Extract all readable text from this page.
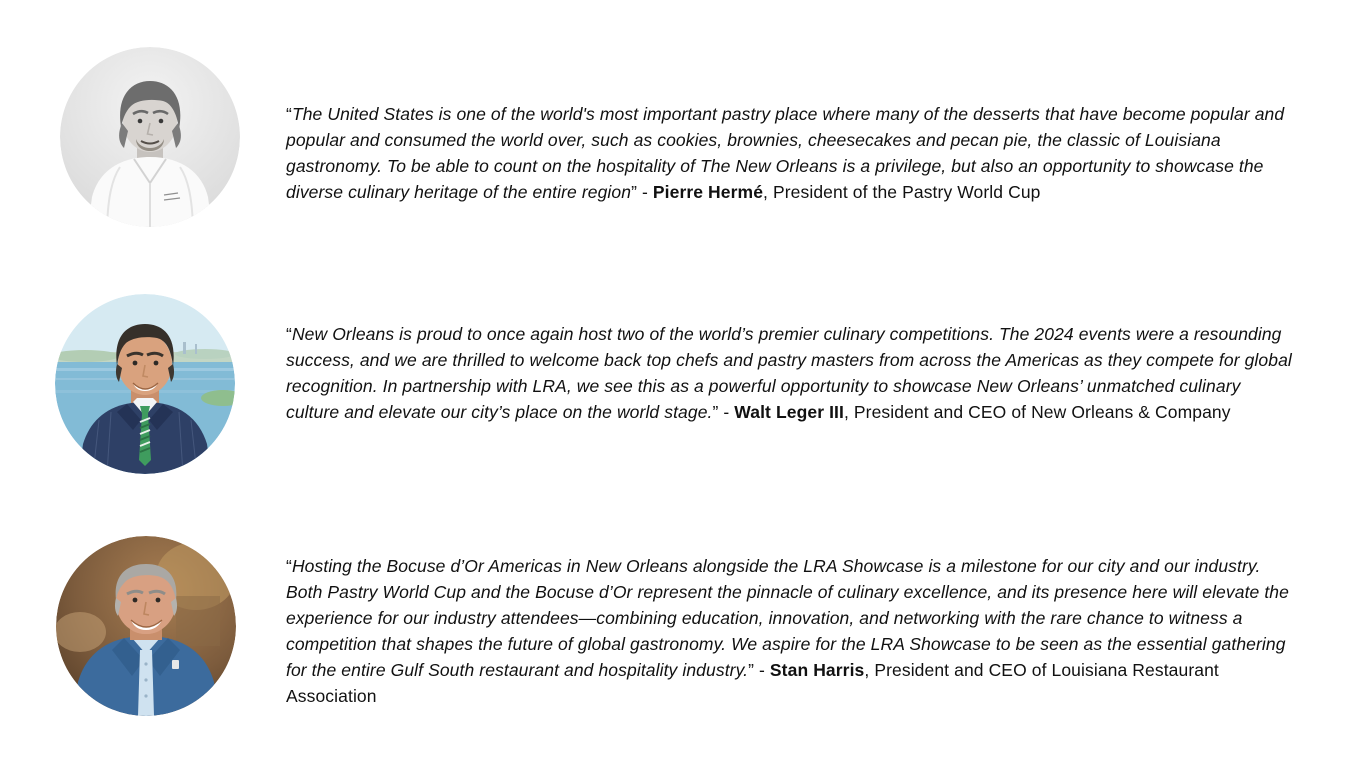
“The United States is one of the world's most important pastry place where many of the desserts that have become popular and popular and consumed the world over, such as cookies, brownies, cheesecakes and pecan pie, the classic of Louisiana gastronomy. To be able to count on the hospitality of The New Orleans is a privilege, but also an opportunity to showcase the diverse culinary heritage of the entire region” - Pierre Hermé, President of the Pastry World Cup

“New Orleans is proud to once again host two of the world’s premier culinary competitions. The 2024 events were a resounding success, and we are thrilled to welcome back top chefs and pastry masters from across the Americas as they compete for global recognition. In partnership with LRA, we see this as a powerful opportunity to showcase New Orleans’ unmatched culinary culture and elevate our city’s place on the world stage.” - Walt Leger III, President and CEO of New Orleans & Company

“Hosting the Bocuse d’Or Americas in New Orleans alongside the LRA Showcase is a milestone for our city and our industry. Both Pastry World Cup and the Bocuse d’Or represent the pinnacle of culinary excellence, and its presence here will elevate the experience for our industry attendees—combining education, innovation, and networking with the rare chance to witness a competition that shapes the future of global gastronomy. We aspire for the LRA Showcase to be seen as the essential gathering for the entire Gulf South restaurant and hospitality industry.” - Stan Harris, President and CEO of Louisiana Restaurant Association
